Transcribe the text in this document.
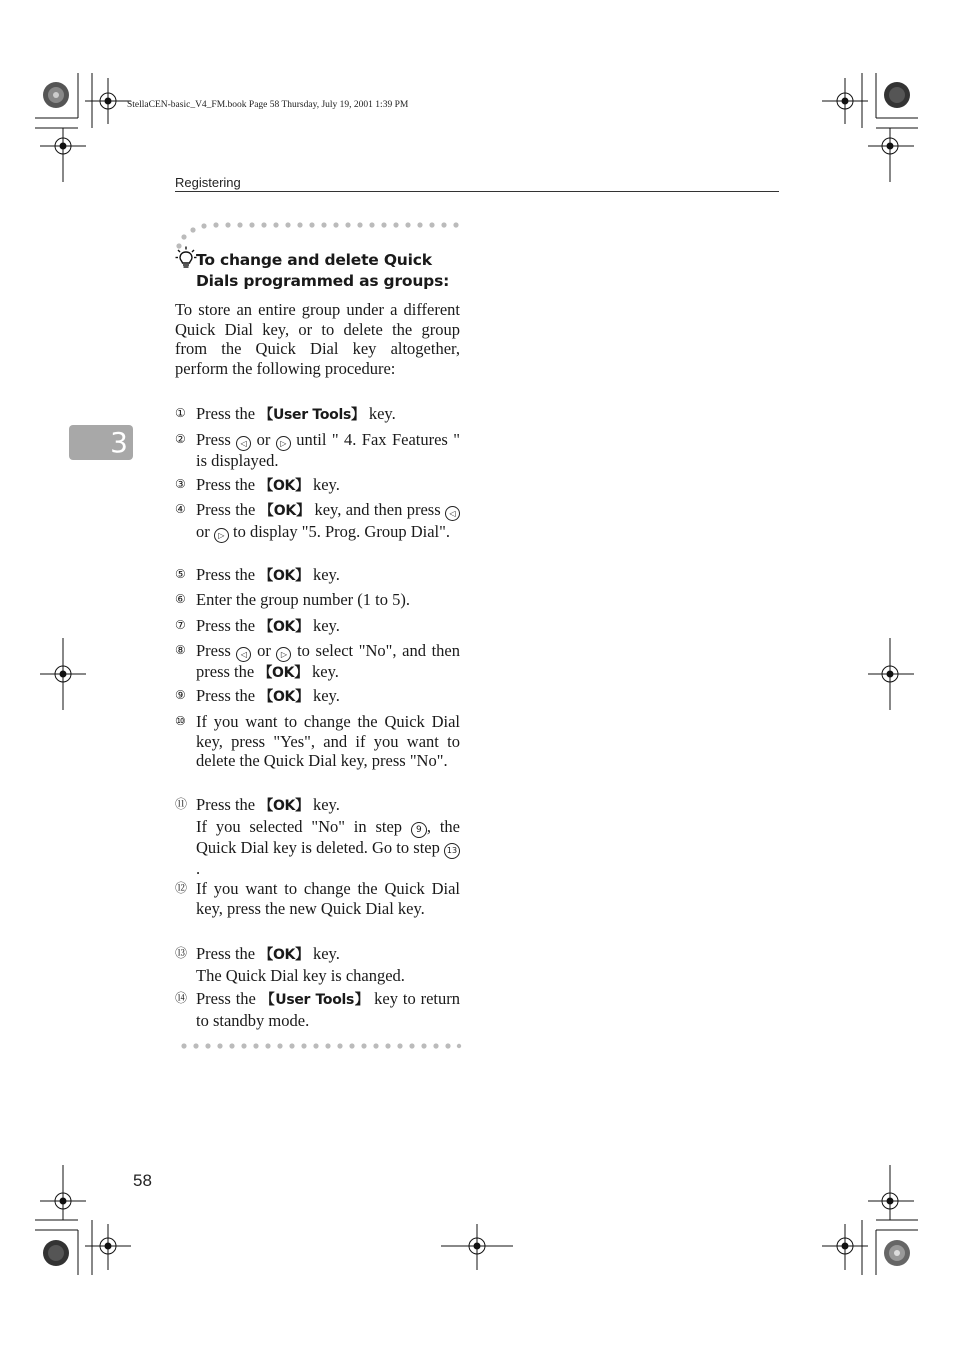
StellaCEN-basic_V4_FM.book Page 58 Thursday, July 19, 2001 1:39 PM
Registering
3
58
To change and delete Quick
Dials programmed as groups:
To store an entire group under a different Quick Dial key, or to delete the group from the Quick Dial key altogether, perform the following procedure:
① Press the 【User Tools】 key.
② Press ◁ or ▷ until " 4. Fax Features " is displayed.
③ Press the 【OK】 key.
④ Press the 【OK】 key, and then press ◁ or ▷ to display "5. Prog. Group Dial".
⑤ Press the 【OK】 key.
⑥ Enter the group number (1 to 5).
⑦ Press the 【OK】 key.
⑧ Press ◁ or ▷ to select "No", and then press the 【OK】 key.
⑨ Press the 【OK】 key.
⑩ If you want to change the Quick Dial key, press "Yes", and if you want to delete the Quick Dial key, press "No".
⑪ Press the 【OK】 key.
If you selected "No" in step 9 , the Quick Dial key is deleted. Go to step 13.
⑫ If you want to change the Quick Dial key, press the new Quick Dial key.
⑬ Press the 【OK】 key.
The Quick Dial key is changed.
⑭ Press the 【User Tools】 key to return to standby mode.
